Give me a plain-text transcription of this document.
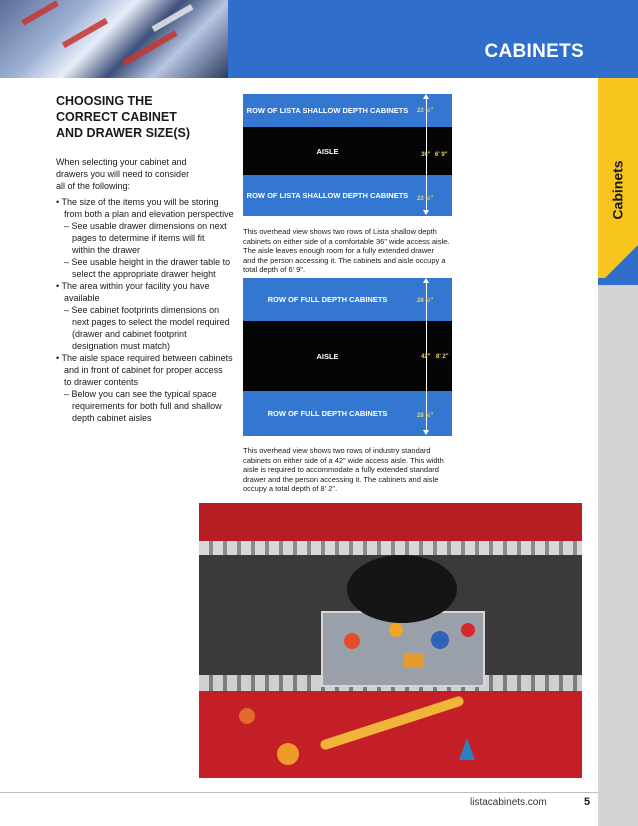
CABINETS
Cabinets
CHOOSING THE
CORRECT CABINET
AND DRAWER SIZE(S)
When selecting your cabinet and
drawers you will need to consider
all of the following:
• The size of the items you will be storing
from both a plan and elevation perspective
– See usable drawer dimensions on next
pages to determine if items will fit
within the drawer
– See usable height in the drawer table to
select the appropriate drawer height
• The area within your facility you have
available
– See cabinet footprints dimensions on
next pages to select the model required
(drawer and cabinet footprint
designation must match)
• The aisle space required between cabinets
and in front of cabinet for proper access
to drawer contents
– Below you can see the typical space
requirements for both full and shallow
depth cabinet aisles
ROW OF LISTA SHALLOW DEPTH CABINETS
AISLE
ROW OF LISTA SHALLOW DEPTH CABINETS
22 ½"
36" 6' 9"
22 ½"
This overhead view shows two rows of Lista shallow depth
cabinets on either side of a comfortable 36” wide access aisle.
The aisle leaves enough room for a fully extended drawer
and the person accessing it. The cabinets and aisle occupy a
total depth of 6' 9".
ROW OF FULL DEPTH CABINETS
AISLE
ROW OF FULL DEPTH CABINETS
28 ½"
42" 8' 2"
28 ½"
This overhead view shows two rows of industry standard
cabinets on either side of a 42” wide access aisle. This width
aisle is required to accommodate a fully extended standard
drawer and the person accessing it. The cabinets and aisle
occupy a total depth of 8' 2".
listacabinets.com	5
